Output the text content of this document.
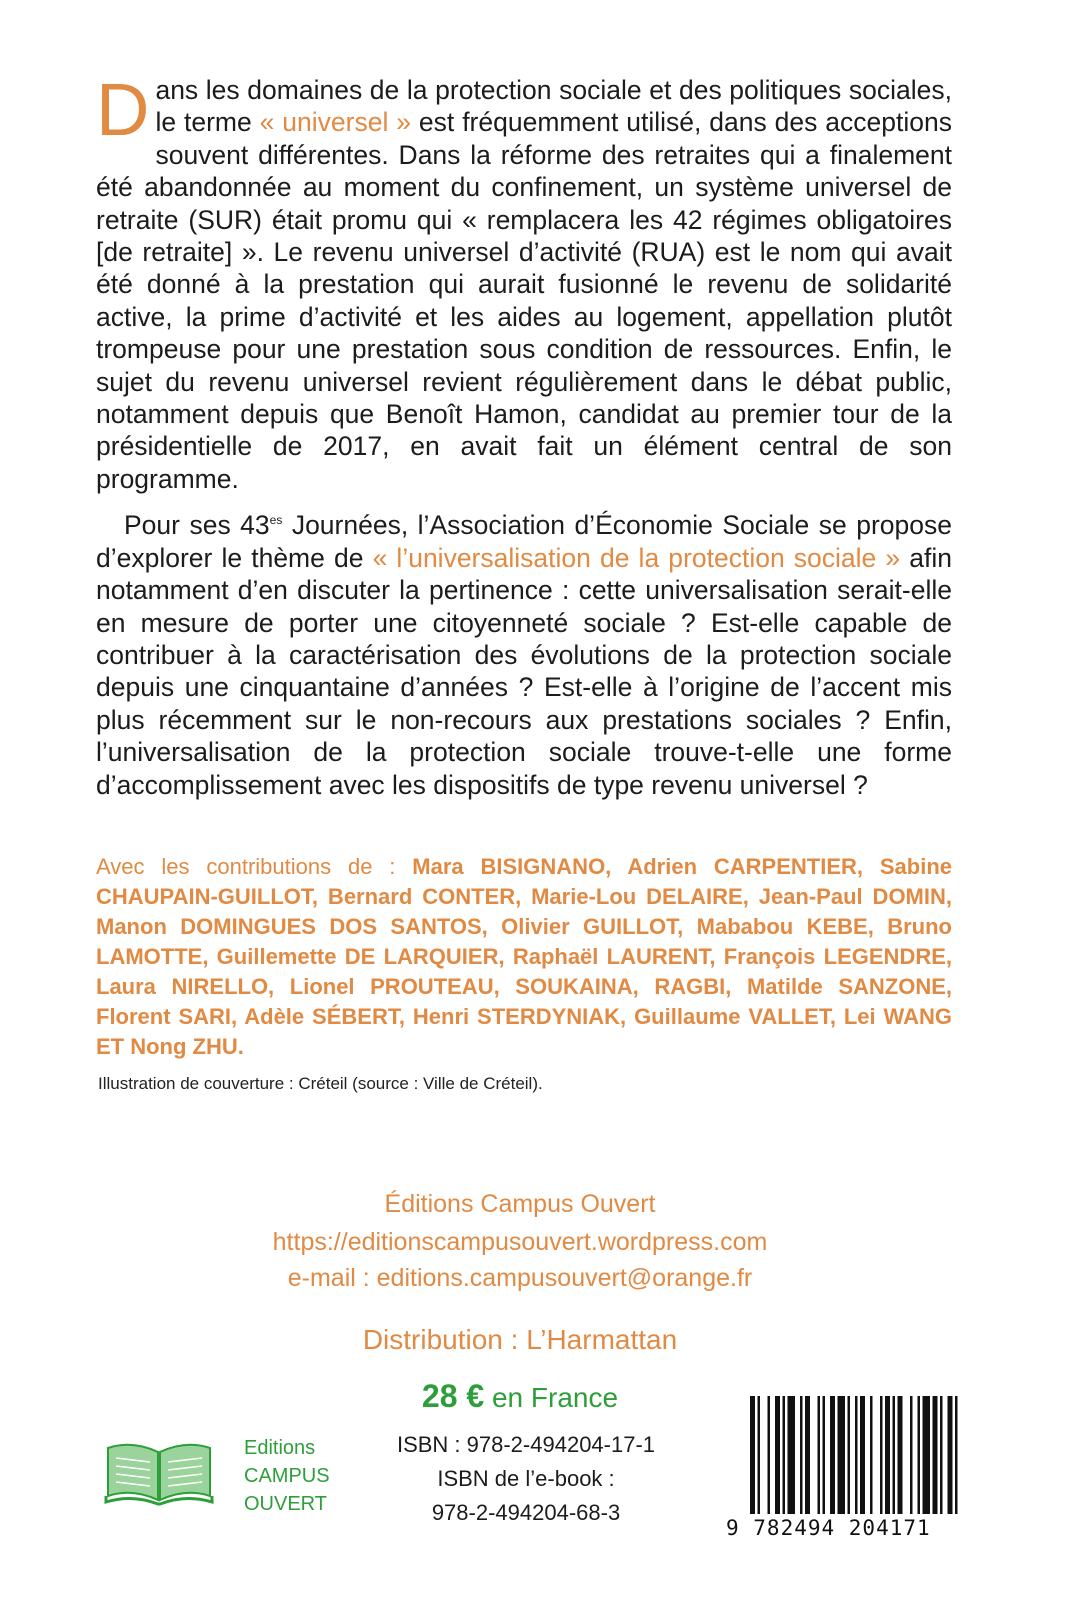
Dans les domaines de la protection sociale et des politiques sociales, le terme « universel » est fréquemment utilisé, dans des acceptions souvent différentes. Dans la réforme des retraites qui a finalement été abandonnée au moment du confinement, un système universel de retraite (SUR) était promu qui « remplacera les 42 régimes obligatoires [de retraite] ». Le revenu universel d’activité (RUA) est le nom qui avait été donné à la prestation qui aurait fusionné le revenu de solidarité active, la prime d’activité et les aides au logement, appellation plutôt trompeuse pour une prestation sous condition de ressources. Enfin, le sujet du revenu universel revient régulièrement dans le débat public, notamment depuis que Benoît Hamon, candidat au premier tour de la présidentielle de 2017, en avait fait un élément central de son programme.

Pour ses $43^{es}$ Journées, l’Association d’Économie Sociale se propose d’explorer le thème de « l’universalisation de la protection sociale » afin notamment d’en discuter la pertinence : cette universalisation serait-elle en mesure de porter une citoyenneté sociale ? Est-elle capable de contribuer à la caractérisation des évolutions de la protection sociale depuis une cinquantaine d’années ? Est-elle à l’origine de l’accent mis plus récemment sur le non-recours aux prestations sociales ? Enfin, l’universalisation de la protection sociale trouve-t-elle une forme d’accomplissement avec les dispositifs de type revenu universel ?

Avec les contributions de : Mara BISIGNANO, Adrien CARPENTIER, Sabine CHAUPAIN-GUILLOT, Bernard CONTER, Marie-Lou DELAIRE, Jean-Paul DOMIN, Manon DOMINGUES DOS SANTOS, Olivier GUILLOT, Mababou KEBE, Bruno LAMOTTE, Guillemette DE LARQUIER, Raphaël LAURENT, François LEGENDRE, Laura NIRELLO, Lionel PROUTEAU, SOUKAINA, RAGBI, Matilde SANZONE, Florent SARI, Adèle SÉBERT, Henri STERDYNIAK, Guillaume VALLET, Lei WANG ET Nong ZHU.
Illustration de couverture : Créteil (source : Ville de Créteil).
Éditions Campus Ouvert
https://editionscampusouvert.wordpress.com
e-mail : editions.campusouvert@orange.fr
Distribution : L’Harmattan
28 € en France
Editions
CAMPUS
OUVERT
ISBN : 978-2-494204-17-1
ISBN de l’e-book :
978-2-494204-68-3
9 782494 204171
